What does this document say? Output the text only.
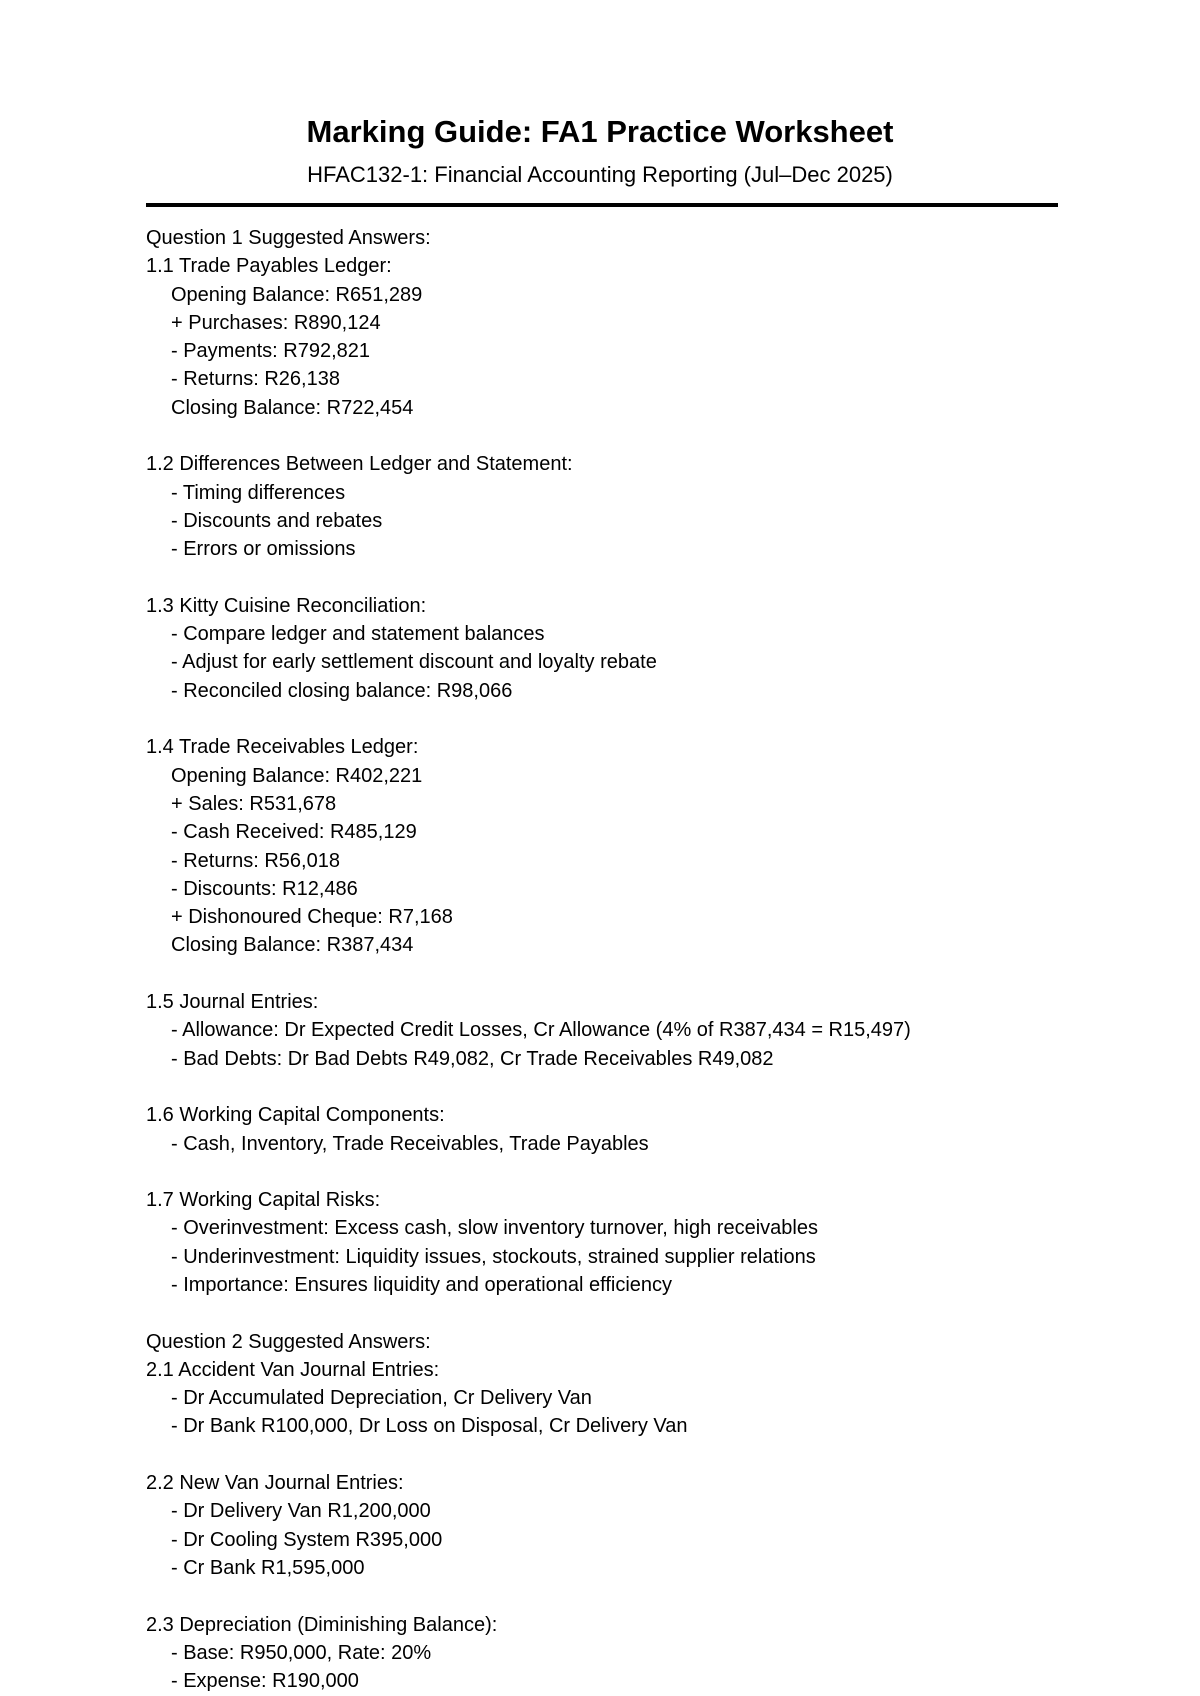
Marking Guide: FA1 Practice Worksheet
HFAC132-1: Financial Accounting Reporting (Jul–Dec 2025)
Question 1 Suggested Answers:
1.1 Trade Payables Ledger:
Opening Balance: R651,289
+ Purchases: R890,124
- Payments: R792,821
- Returns: R26,138
Closing Balance: R722,454
1.2 Differences Between Ledger and Statement:
- Timing differences
- Discounts and rebates
- Errors or omissions
1.3 Kitty Cuisine Reconciliation:
- Compare ledger and statement balances
- Adjust for early settlement discount and loyalty rebate
- Reconciled closing balance: R98,066
1.4 Trade Receivables Ledger:
Opening Balance: R402,221
+ Sales: R531,678
- Cash Received: R485,129
- Returns: R56,018
- Discounts: R12,486
+ Dishonoured Cheque: R7,168
Closing Balance: R387,434
1.5 Journal Entries:
- Allowance: Dr Expected Credit Losses, Cr Allowance (4% of R387,434 = R15,497)
- Bad Debts: Dr Bad Debts R49,082, Cr Trade Receivables R49,082
1.6 Working Capital Components:
- Cash, Inventory, Trade Receivables, Trade Payables
1.7 Working Capital Risks:
- Overinvestment: Excess cash, slow inventory turnover, high receivables
- Underinvestment: Liquidity issues, stockouts, strained supplier relations
- Importance: Ensures liquidity and operational efficiency
Question 2 Suggested Answers:
2.1 Accident Van Journal Entries:
- Dr Accumulated Depreciation, Cr Delivery Van
- Dr Bank R100,000, Dr Loss on Disposal, Cr Delivery Van
2.2 New Van Journal Entries:
- Dr Delivery Van R1,200,000
- Dr Cooling System R395,000
- Cr Bank R1,595,000
2.3 Depreciation (Diminishing Balance):
- Base: R950,000, Rate: 20%
- Expense: R190,000
